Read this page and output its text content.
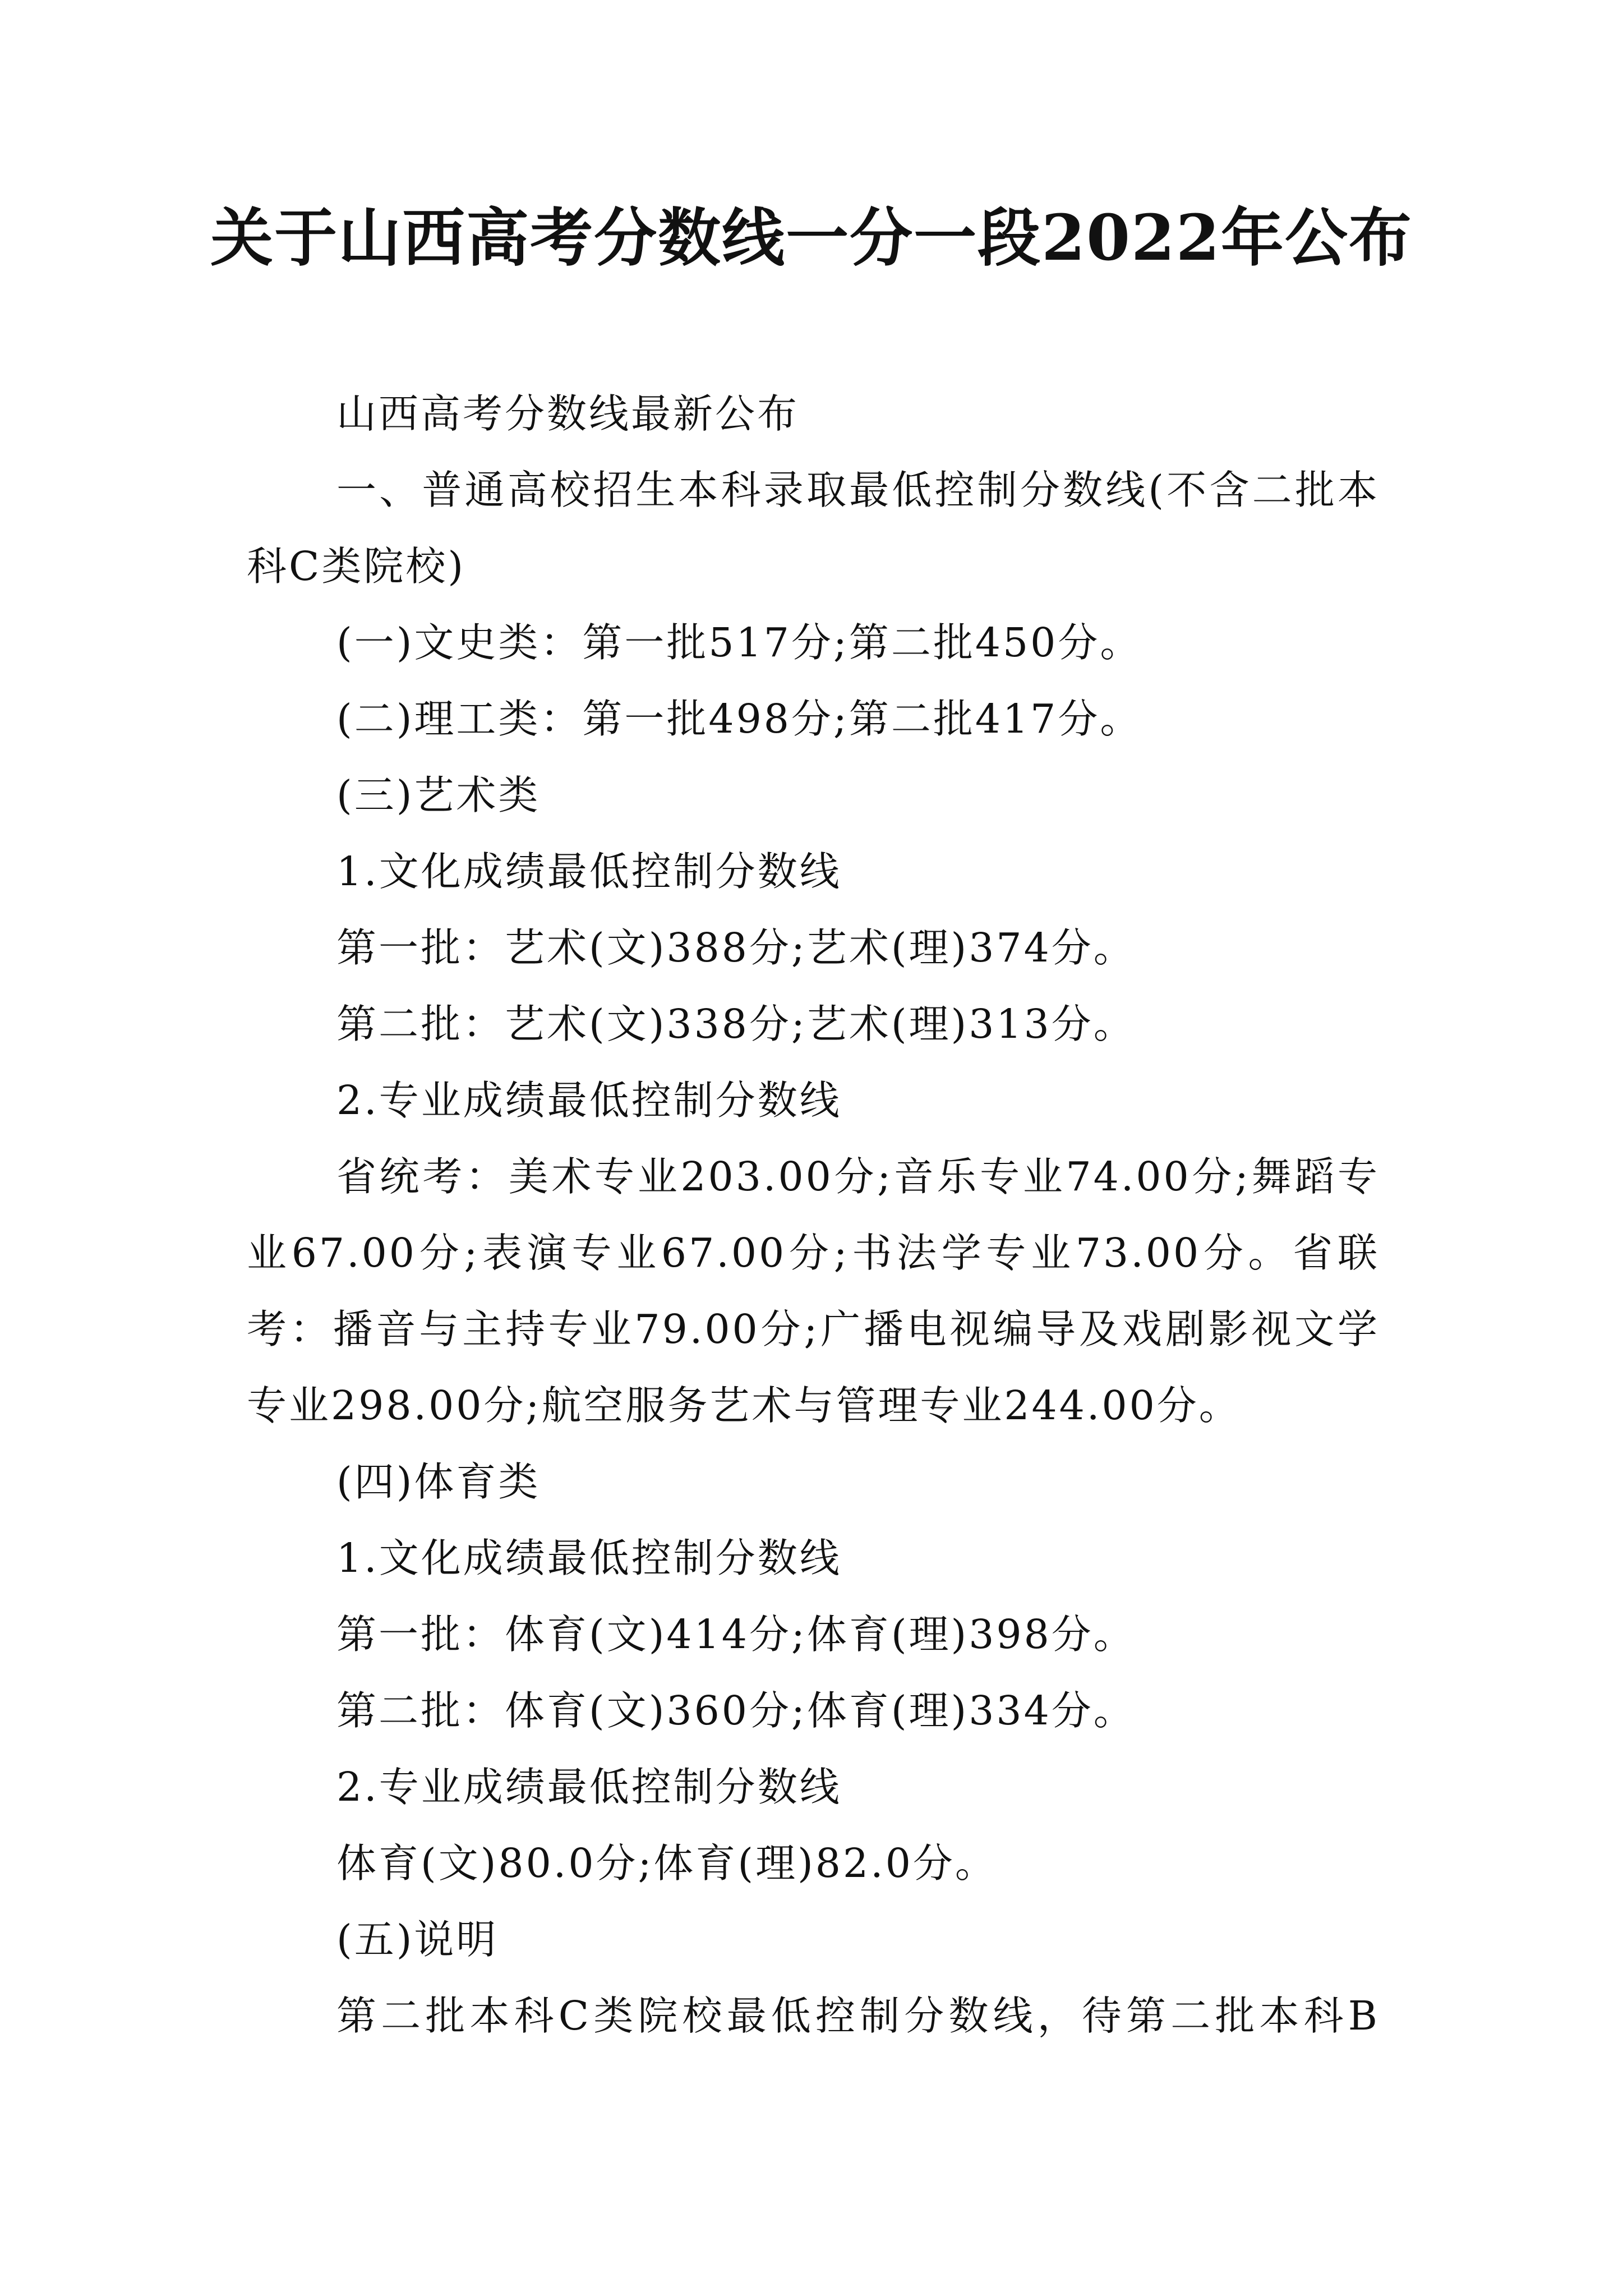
关于山西高考分数线一分一段2022年公布

山西高考分数线最新公布

一、普通高校招生本科录取最低控制分数线(不含二批本科C类院校)

(一)文史类：第一批517分;第二批450分。

(二)理工类：第一批498分;第二批417分。

(三)艺术类

1.文化成绩最低控制分数线

第一批：艺术(文)388分;艺术(理)374分。

第二批：艺术(文)338分;艺术(理)313分。

2.专业成绩最低控制分数线

省统考：美术专业203.00分;音乐专业74.00分;舞蹈专业67.00分;表演专业67.00分;书法学专业73.00分。省联考：播音与主持专业79.00分;广播电视编导及戏剧影视文学专业298.00分;航空服务艺术与管理专业244.00分。

(四)体育类

1.文化成绩最低控制分数线

第一批：体育(文)414分;体育(理)398分。

第二批：体育(文)360分;体育(理)334分。

2.专业成绩最低控制分数线

体育(文)80.0分;体育(理)82.0分。

(五)说明

第二批本科C类院校最低控制分数线，待第二批本科B
